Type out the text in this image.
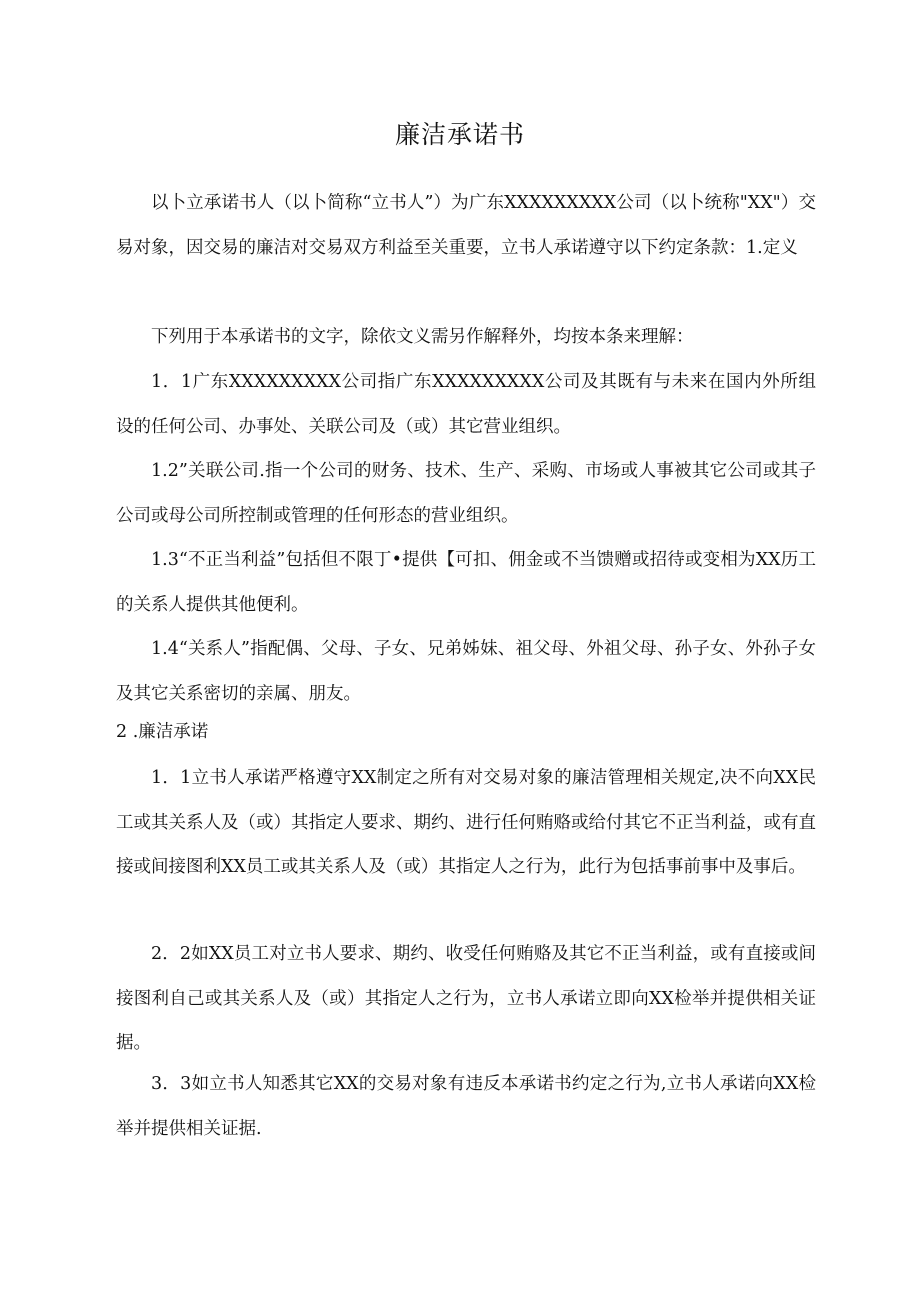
廉洁承诺书

以卜立承诺书人（以卜简称“立书人”）为广东XXXXXXXXX公司（以卜统称"XX"）交易对象，因交易的廉洁对交易双方利益至关重要，立书人承诺遵守以下约定条款：1.定义

下列用于本承诺书的文字，除依文义需另作解释外，均按本条来理解：

1．1广东XXXXXXXXX公司指广东XXXXXXXXX公司及其既有与未来在国内外所组设的任何公司、办事处、关联公司及（或）其它营业组织。

1.2”关联公司.指一个公司的财务、技术、生产、采购、市场或人事被其它公司或其子公司或母公司所控制或管理的任何形态的营业组织。

1.3“不正当利益”包括但不限丁•提供【可扣、佣金或不当馈赠或招待或变相为XX历工的关系人提供其他便利。

1.4“关系人”指配偶、父母、子女、兄弟姊妹、祖父母、外祖父母、孙子女、外孙子女及其它关系密切的亲属、朋友。

2 .廉洁承诺

1．1立书人承诺严格遵守XX制定之所有对交易对象的廉洁管理相关规定,决不向XX民工或其关系人及（或）其指定人要求、期约、进行任何贿赂或给付其它不正当利益，或有直接或间接图利XX员工或其关系人及（或）其指定人之行为，此行为包括事前事中及事后。

2．2如XX员工对立书人要求、期约、收受任何贿赂及其它不正当利益，或有直接或间接图利自己或其关系人及（或）其指定人之行为，立书人承诺立即向XX检举并提供相关证据。

3．3如立书人知悉其它XX的交易对象有违反本承诺书约定之行为,立书人承诺向XX检举并提供相关证据.
